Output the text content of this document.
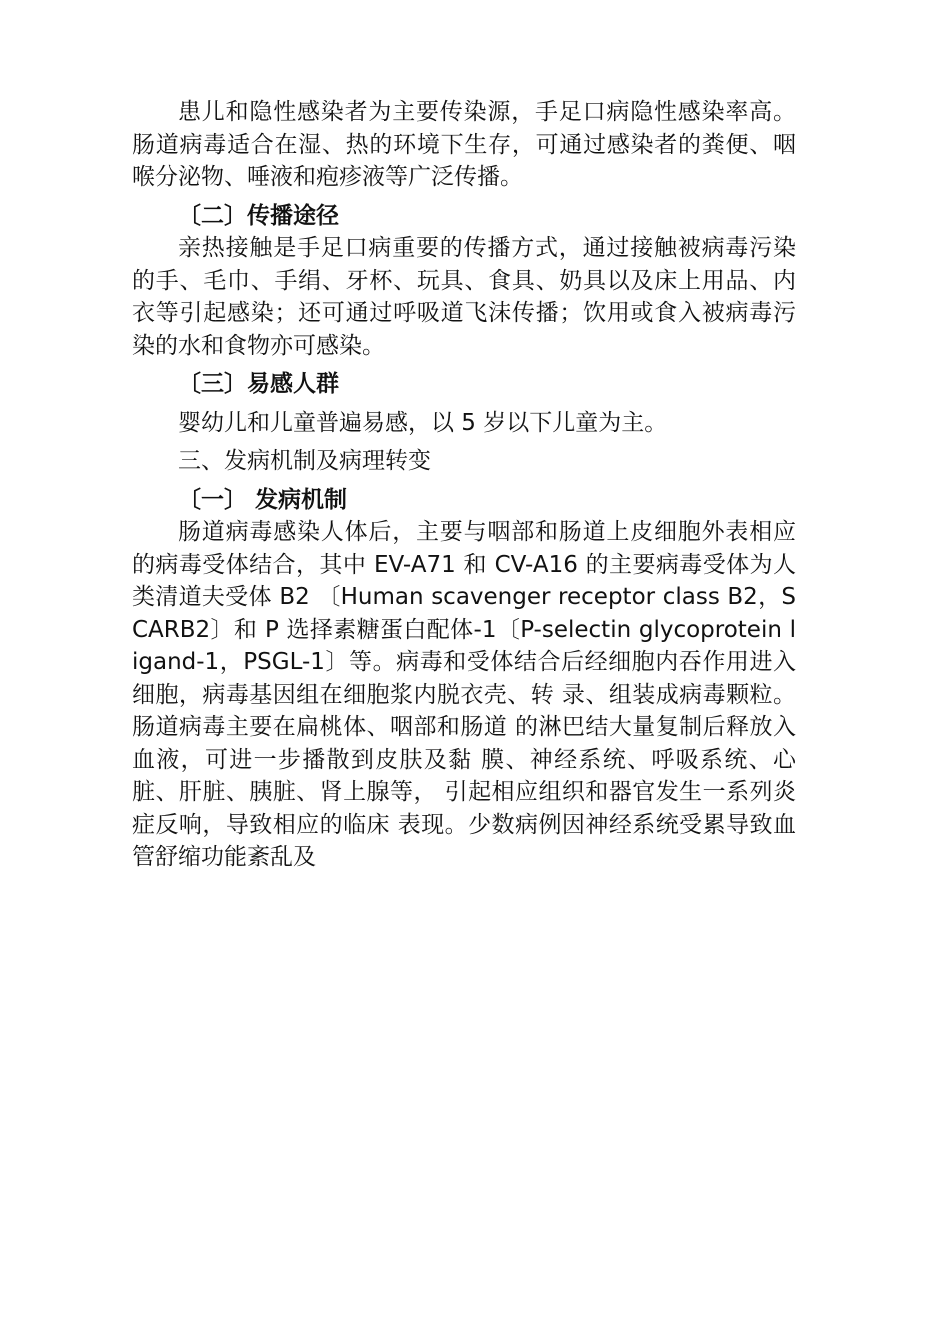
患儿和隐性感染者为主要传染源，手足口病隐性感染率高。肠道病毒适合在湿、热的环境下生存，可通过感染者的粪便、咽喉分泌物、唾液和疱疹液等广泛传播。

〔二〕传播途径

亲热接触是手足口病重要的传播方式，通过接触被病毒污染的手、毛巾、手绢、牙杯、玩具、食具、奶具以及床上用品、内衣等引起感染；还可通过呼吸道飞沫传播；饮用或食入被病毒污染的水和食物亦可感染。

〔三〕易感人群

婴幼儿和儿童普遍易感，以 5 岁以下儿童为主。

三、发病机制及病理转变

〔一〕 发病机制

肠道病毒感染人体后，主要与咽部和肠道上皮细胞外表相应的病毒受体结合，其中 EV-A71 和 CV-A16 的主要病毒受体为人类清道夫受体 B2 〔Human scavenger receptor class B2，SCARB2〕和 P 选择素糖蛋白配体-1〔P-selectin glycoprotein ligand-1，PSGL-1〕等。病毒和受体结合后经细胞内吞作用进入细胞，病毒基因组在细胞浆内脱衣壳、转 录、组装成病毒颗粒。肠道病毒主要在扁桃体、咽部和肠道 的淋巴结大量复制后释放入血液，可进一步播散到皮肤及黏 膜、神经系统、呼吸系统、心脏、肝脏、胰脏、肾上腺等， 引起相应组织和器官发生一系列炎症反响，导致相应的临床 表现。少数病例因神经系统受累导致血管舒缩功能紊乱及
